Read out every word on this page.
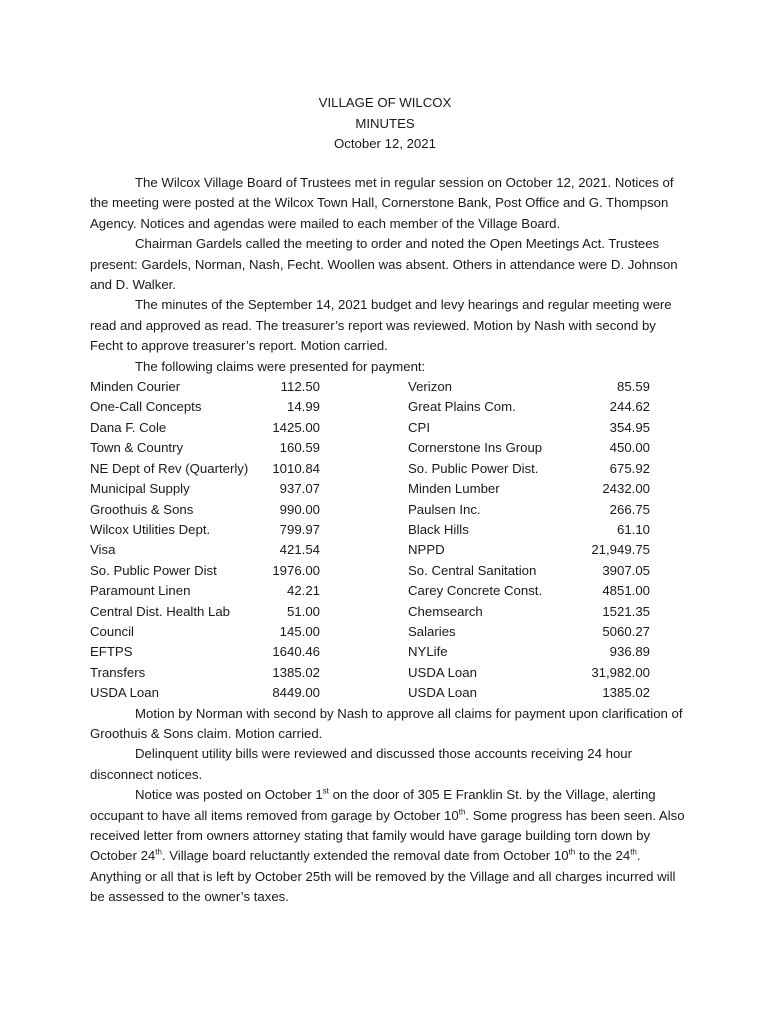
VILLAGE OF WILCOX
MINUTES
October 12, 2021

The Wilcox Village Board of Trustees met in regular session on October 12, 2021. Notices of the meeting were posted at the Wilcox Town Hall, Cornerstone Bank, Post Office and G. Thompson Agency. Notices and agendas were mailed to each member of the Village Board.

Chairman Gardels called the meeting to order and noted the Open Meetings Act. Trustees present: Gardels, Norman, Nash, Fecht. Woollen was absent. Others in attendance were D. Johnson and D. Walker.

The minutes of the September 14, 2021 budget and levy hearings and regular meeting were read and approved as read. The treasurer’s report was reviewed. Motion by Nash with second by Fecht to approve treasurer’s report. Motion carried.

The following claims were presented for payment:

Minden Courier	112.50		Verizon	85.59
One-Call Concepts	14.99		Great Plains Com.	244.62
Dana F. Cole	1425.00		CPI	354.95
Town & Country	160.59		Cornerstone Ins Group	450.00
NE Dept of Rev (Quarterly)	1010.84		So. Public Power Dist.	675.92
Municipal Supply	937.07		Minden Lumber	2432.00
Groothuis & Sons	990.00		Paulsen Inc.	266.75
Wilcox Utilities Dept.	799.97		Black Hills	61.10
Visa	421.54		NPPD	21,949.75
So. Public Power Dist	1976.00		So. Central Sanitation	3907.05
Paramount Linen	42.21		Carey Concrete Const.	4851.00
Central Dist. Health Lab	51.00		Chemsearch	1521.35
Council	145.00		Salaries	5060.27
EFTPS	1640.46		NYLife	936.89
Transfers	1385.02		USDA Loan	31,982.00
USDA Loan	8449.00		USDA Loan	1385.02

Motion by Norman with second by Nash to approve all claims for payment upon clarification of Groothuis & Sons claim. Motion carried.

Delinquent utility bills were reviewed and discussed those accounts receiving 24 hour disconnect notices.

Notice was posted on October 1st on the door of 305 E Franklin St. by the Village, alerting occupant to have all items removed from garage by October 10th. Some progress has been seen. Also received letter from owners attorney stating that family would have garage building torn down by October 24th. Village board reluctantly extended the removal date from October 10th to the 24th. Anything or all that is left by October 25th will be removed by the Village and all charges incurred will be assessed to the owner’s taxes.
